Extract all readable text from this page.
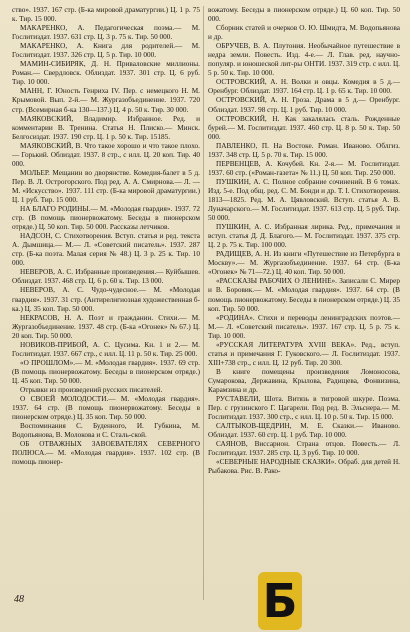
ство». 1937. 167 стр. (Б-ка мировой драматургии.) Ц. 1 р. 75 к. Тир. 15 000.

МАКАРЕНКО, А. Педагогическая поэма.— М. Гослитиздат. 1937. 631 стр. Ц. 3 р. 75 к. Тир. 50 000.

МАКАРЕНКО, А. Книга для родителей.— М. Гослитиздат. 1937. 326 стр. Ц. 5 р. Тир. 10 000.

МАМИН-СИБИРЯК, Д. Н. Приваловские миллионы. Роман.— Свердловск. Облиздат. 1937. 301 стр. Ц. 6 руб. Тир. 10 000.

МАНН, Г. Юность Генриха IV. Пер. с немецкого Н. М. Крымовой. Вып. 2-й.— М. Жургазобъединение. 1937. 720 стр. (Всемирная б-ка 130—137.) Ц. 4 р. 50 к. Тир. 30 000.

МАЯКОВСКИЙ, Владимир. Избранное. Ред. и комментарии В. Тренина. Статья Н. Плиско.— Минск. Белгосиздат. 1937. 190 стр. Ц. 1 р. 50 к. Тир. 15185.

МАЯКОВСКИЙ, В. Что такое хорошо и что такое плохо.— Горький. Облиздат. 1937. 8 стр., с илл. Ц. 20 коп. Тир. 40 000.

МОЛЬЕР. Мещанин во дворянстве. Комедия-балет в 5 д. Пер. В. Л. Острогорского. Под ред. А. А. Смирнова.— Л. — М. «Искусство». 1937. 111 стр. (Б-ка мировой драматургии.) Ц. 1 руб. Тир. 15 000.

НА БЛАГО РОДИНЫ.— М. «Молодая гвардия». 1937. 72 стр. (В помощь пионервожатому. Беседы в пионерском отряде.) Ц. 50 коп. Тир. 50 000. Рассказы летчиков.

НАДСОН, С. Стихотворения. Вступ. статья и ред. текста А. Дымшица.— М.— Л. «Советский писатель». 1937. 287 стр. (Б-ка поэта. Малая серия № 48.) Ц. 3 р. 25 к. Тир. 10 000.

НЕВЕРОВ, А. С. Избранные произведения.— Куйбышев. Облиздат. 1937. 468 стр. Ц. 6 р. 60 к. Тир. 13 000.

НЕВЕРОВ, А. С. Чудо-чудесное.— М. «Молодая гвардия». 1937. 31 стр. (Антирелигиозная художественная б-ка.) Ц. 35 коп. Тир. 50 000.

НЕКРАСОВ, Н. А. Поэт и гражданин. Стихи.— М. Жургазобъединение. 1937. 48 стр. (Б-ка «Огонек» № 67.) Ц. 20 коп. Тир. 50 000.

НОВИКОВ-ПРИБОЙ, А. С. Цусима. Кн. 1 и 2.— М. Гослитиздат. 1937. 667 стр., с илл. Ц. 11 р. 50 к. Тир. 25 000.

«О ПРОШЛОМ».— М. «Молодая гвардия». 1937. 69 стр. (В помощь пионервожатому. Беседы в пионерском отряде.) Ц. 45 коп. Тир. 50 000.

Отрывки из произведений русских писателей.

О СВОЕЙ МОЛОДОСТИ.— М. «Молодая гвардия». 1937. 64 стр. (В помощь пионервожатому. Беседы в пионерском отряде.) Ц. 35 коп. Тир. 50 000.

Воспоминания С. Буденного, И. Губкина, М. Водопьянова, В. Молокова и С. Сталь-ской.

ОБ ОТВАЖНЫХ ЗАВОЕВАТЕЛЯХ СЕВЕРНОГО ПОЛЮСА.— М. «Молодая гвардия». 1937. 102 стр. (В помощь пионер-

вожатому. Беседы в пионерском отряде.) Ц. 60 коп. Тир. 50 000.

Сборник статей и очерков О. Ю. Шмидта, М. Водопьянова и др.

ОБРУЧЕВ, В. А. Плутония. Необычайное путешествие в недра земли. Повесть. Изд. 4-е.— Л. Глав. ред. научно-популяр. и юношеской лит-ры ОНТИ. 1937. 319 стр. с илл. Ц. 5 р. 50 к. Тир. 10 000.

ОСТРОВСКИЙ, А. Н. Волки и овцы. Комедия в 5 д.— Оренбург. Облиздат. 1937. 164 стр. Ц. 1 р. 65 к. Тир. 10 000.

ОСТРОВСКИЙ, А. Н. Гроза. Драма в 5 д.— Оренбург. Облиздат. 1937. 98 стр. Ц. 1 руб. Тир. 10 000.

ОСТРОВСКИЙ, Н. Как закалялась сталь. Рожденные бурей.— М. Гослитиздат. 1937. 460 стр. Ц. 8 р. 50 к. Тир. 50 000.

ПАВЛЕНКО, П. На Востоке. Роман. Иваново. Облгиз. 1937. 348 стр. Ц. 5 р. 70 к. Тир. 15 000.

ПЕРВЕНЦЕВ, А. Кочубей. Кн. 2-я.— М. Гослитиздат. 1937. 60 стр. («Роман-газета» № 11.) Ц. 50 коп. Тир. 250 000.

ПУШКИН, А. С. Полное собрание сочинений. В 6 томах. Изд. 5-е. Под общ. ред. С. М. Бонди и др. Т. I. Стихотворения. 1813—1825. Ред. М. А. Цявловский. Вступ. статья А. В. Луначарского.— М. Гослитиздат. 1937. 613 стр. Ц. 5 руб. Тир. 50 000.

ПУШКИН, А. С. Избранная лирика. Ред., примечания и вступ. статья Д. Д. Благого.— М. Гослитиздат. 1937. 375 стр. Ц. 2 р. 75 к. Тир. 100 000.

РАДИЩЕВ, А. Н. Из книги «Путешествие из Петербурга в Москву».— М. Жургазобъединение. 1937. 64 стр. (Б-ка «Огонек» № 71—72.) Ц. 40 коп. Тир. 50 000.

«РАССКАЗЫ РАБОЧИХ О ЛЕНИНЕ». Записали С. Мирер и В. Боровик.— М. «Молодая гвардия». 1937. 64 стр. (В помощь пионервожатому. Беседы в пионерском отряде.) Ц. 35 коп. Тир. 50 000.

«РОДИНА». Стихи и переводы ленинградских поэтов.— М.— Л. «Советский писатель». 1937. 167 стр. Ц. 5 р. 75 к. Тир. 10 000.

«РУССКАЯ ЛИТЕРАТУРА XVIII ВЕКА». Ред., вступ. статья и примечания Г. Гуковского.— Л. Гослитиздат. 1937. XIII+738 стр., с илл. Ц. 12 руб. Тир. 20 300.

В книге помещены произведения Ломоносова, Сумарокова, Державина, Крылова, Радищева, Фонвизина, Карамзина и др.

РУСТАВЕЛИ, Шота. Витязь в тигровой шкуре. Поэма. Пер. с грузинского Г. Цагарели. Под ред. В. Эльснера.— М. Гослитиздат. 1937. 300 стр., с илл. Ц. 10 р. 50 к. Тир. 15 000.

САЛТЫКОВ-ЩЕДРИН, М. Е. Сказки.— Иваново. Облиздат. 1937. 60 стр. Ц. 1 руб. Тир. 10 000.

САЯНОВ, Виссарион. Страна отцов. Повесть.— Л. Гослитиздат. 1937. 285 стр. Ц. 3 руб. Тир. 10 000.

«СЕВЕРНЫЕ НАРОДНЫЕ СКАЗКИ». Обраб. для детей Н. Рыбакова. Рис. В. Рако-

48	Б
